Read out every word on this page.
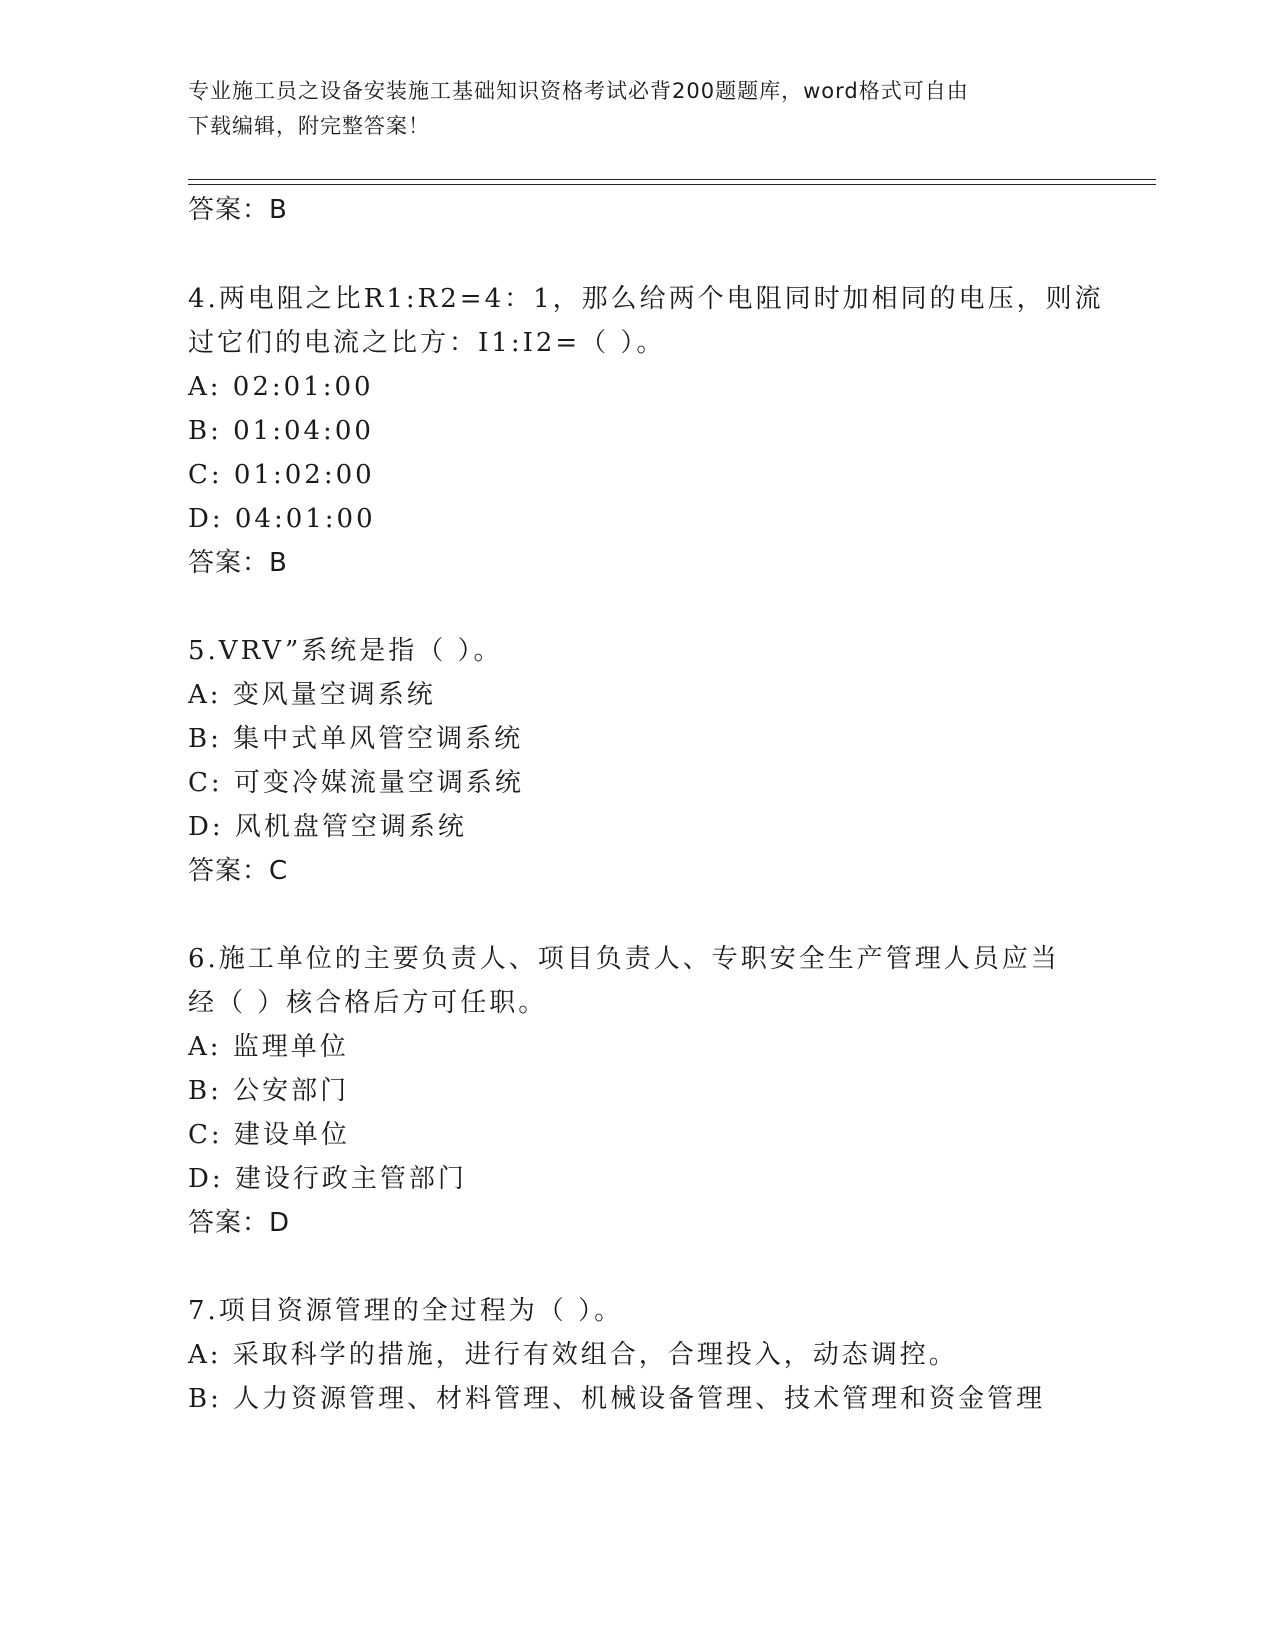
专业施工员之设备安装施工基础知识资格考试必背200题题库，word格式可自由
下载编辑，附完整答案！
答案：B
4.两电阻之比R1:R2=4：1，那么给两个电阻同时加相同的电压，则流
过它们的电流之比方：I1:I2=（ ）。
A: 02:01:00
B: 01:04:00
C: 01:02:00
D: 04:01:00
答案：B
5.VRV”系统是指（ ）。
A: 变风量空调系统
B: 集中式单风管空调系统
C: 可变冷媒流量空调系统
D: 风机盘管空调系统
答案：C
6.施工单位的主要负责人、项目负责人、专职安全生产管理人员应当
经（ ）核合格后方可任职。
A: 监理单位
B: 公安部门
C: 建设单位
D: 建设行政主管部门
答案：D
7.项目资源管理的全过程为（ ）。
A: 采取科学的措施，进行有效组合，合理投入，动态调控。
B: 人力资源管理、材料管理、机械设备管理、技术管理和资金管理
